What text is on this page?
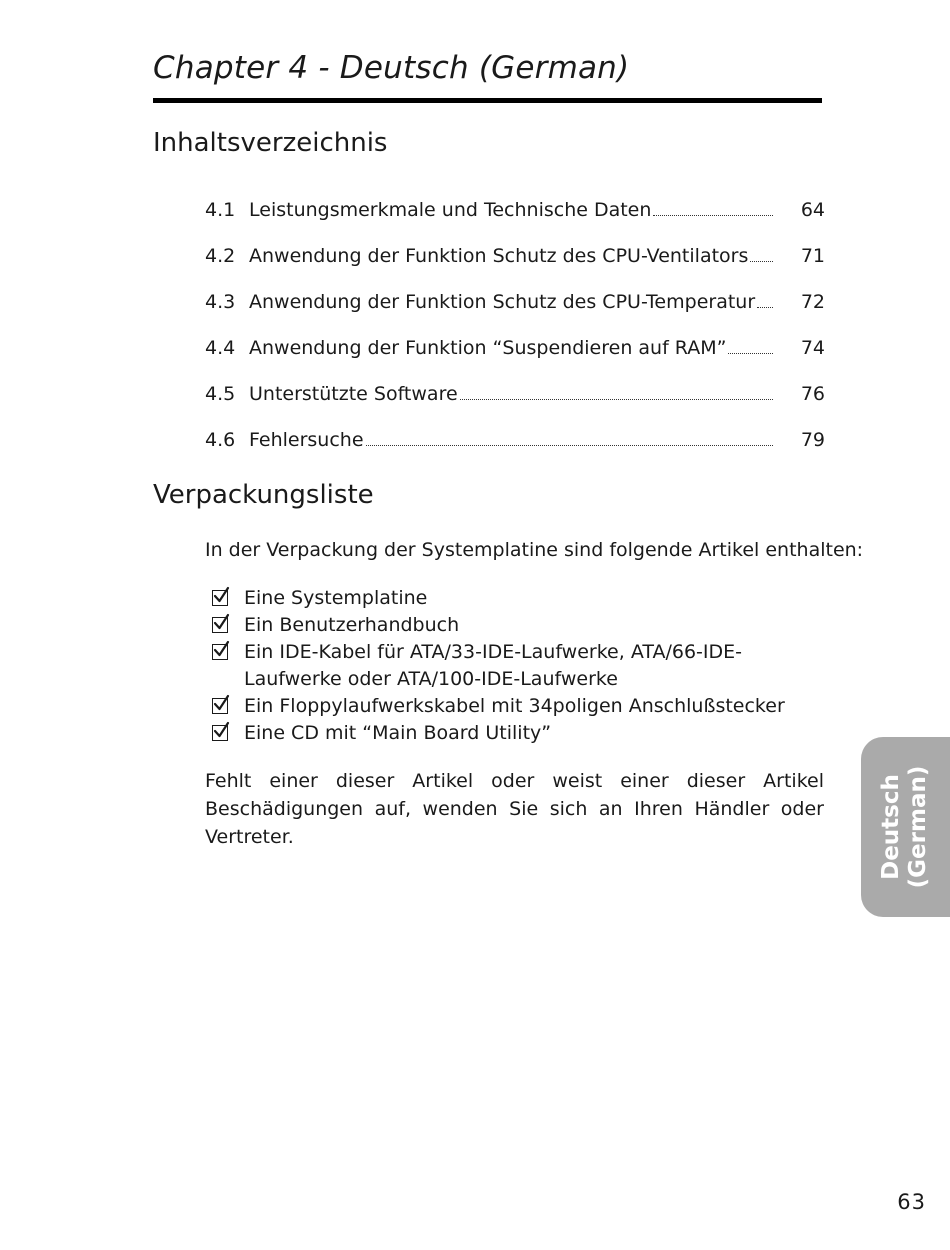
Chapter 4 - Deutsch (German)
Inhaltsverzeichnis
4.1 Leistungsmerkmale und Technische Daten	64
4.2 Anwendung der Funktion Schutz des CPU-Ventilators	71
4.3 Anwendung der Funktion Schutz des CPU-Temperatur	72
4.4 Anwendung der Funktion “Suspendieren auf RAM”	74
4.5 Unterstützte Software	76
4.6 Fehlersuche	79
Verpackungsliste

In der Verpackung der Systemplatine sind folgende Artikel enthalten:

Eine Systemplatine
Ein Benutzerhandbuch
Ein IDE-Kabel für ATA/33-IDE-Laufwerke, ATA/66-IDE-Laufwerke oder ATA/100-IDE-Laufwerke
Ein Floppylaufwerkskabel mit 34poligen Anschlußstecker
Eine CD mit “Main Board Utility”

Fehlt einer dieser Artikel oder weist einer dieser Artikel Beschädigungen auf, wenden Sie sich an Ihren Händler oder Vertreter.	Deutsch (German)
63
